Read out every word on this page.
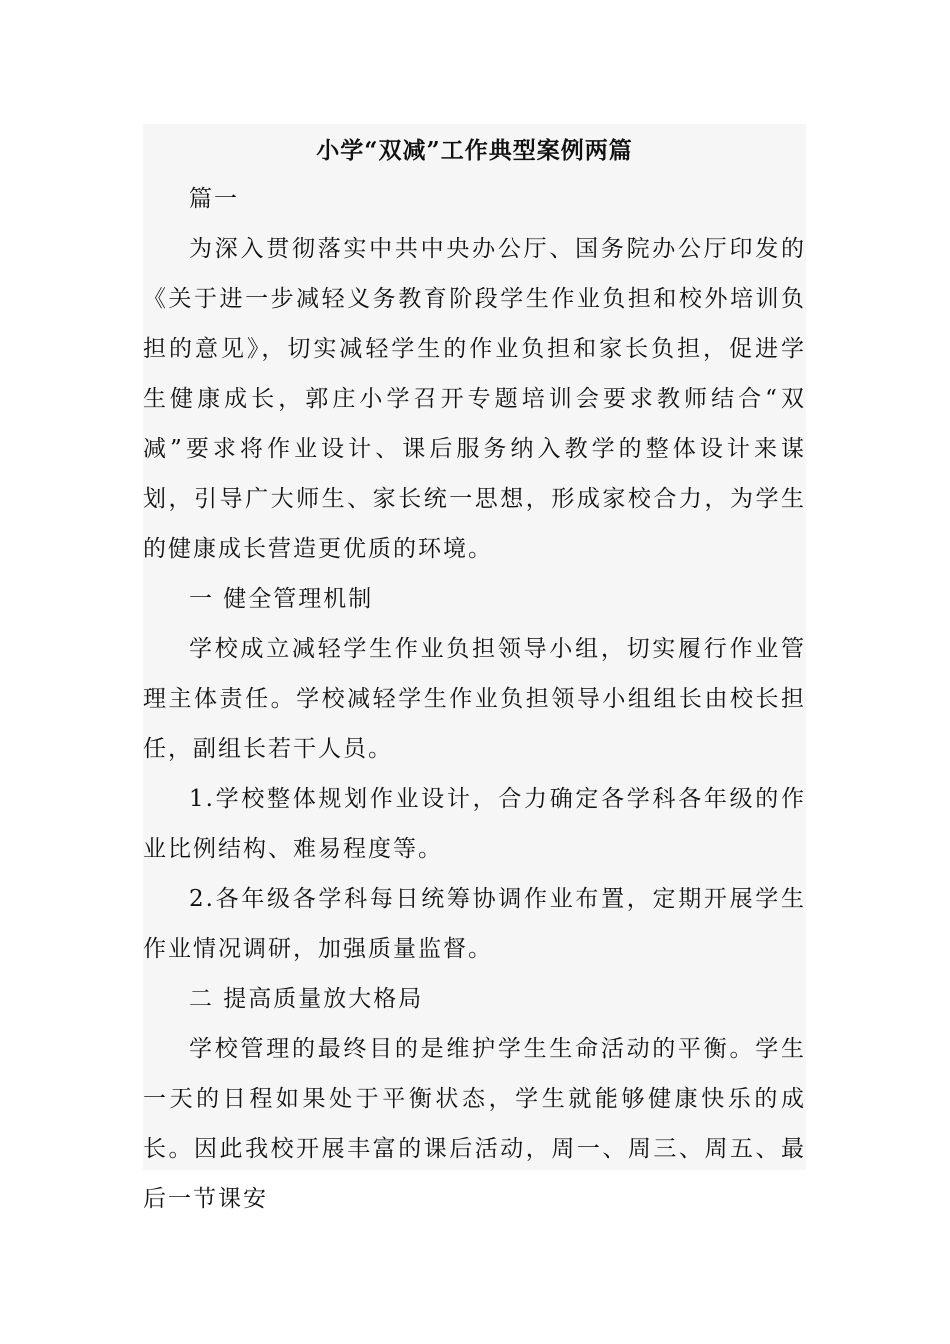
小学“双减”工作典型案例两篇

篇一

为深入贯彻落实中共中央办公厅、国务院办公厅印发的《关于进一步减轻义务教育阶段学生作业负担和校外培训负担的意见》，切实减轻学生的作业负担和家长负担，促进学生健康成长，郭庄小学召开专题培训会要求教师结合“双减”要求将作业设计、课后服务纳入教学的整体设计来谋划，引导广大师生、家长统一思想，形成家校合力，为学生的健康成长营造更优质的环境。

一 健全管理机制

学校成立减轻学生作业负担领导小组，切实履行作业管理主体责任。学校减轻学生作业负担领导小组组长由校长担任，副组长若干人员。

1.学校整体规划作业设计，合力确定各学科各年级的作业比例结构、难易程度等。

2.各年级各学科每日统筹协调作业布置，定期开展学生作业情况调研，加强质量监督。

二 提高质量放大格局

学校管理的最终目的是维护学生生命活动的平衡。学生一天的日程如果处于平衡状态，学生就能够健康快乐的成长。因此我校开展丰富的课后活动，周一、周三、周五、最后一节课安
